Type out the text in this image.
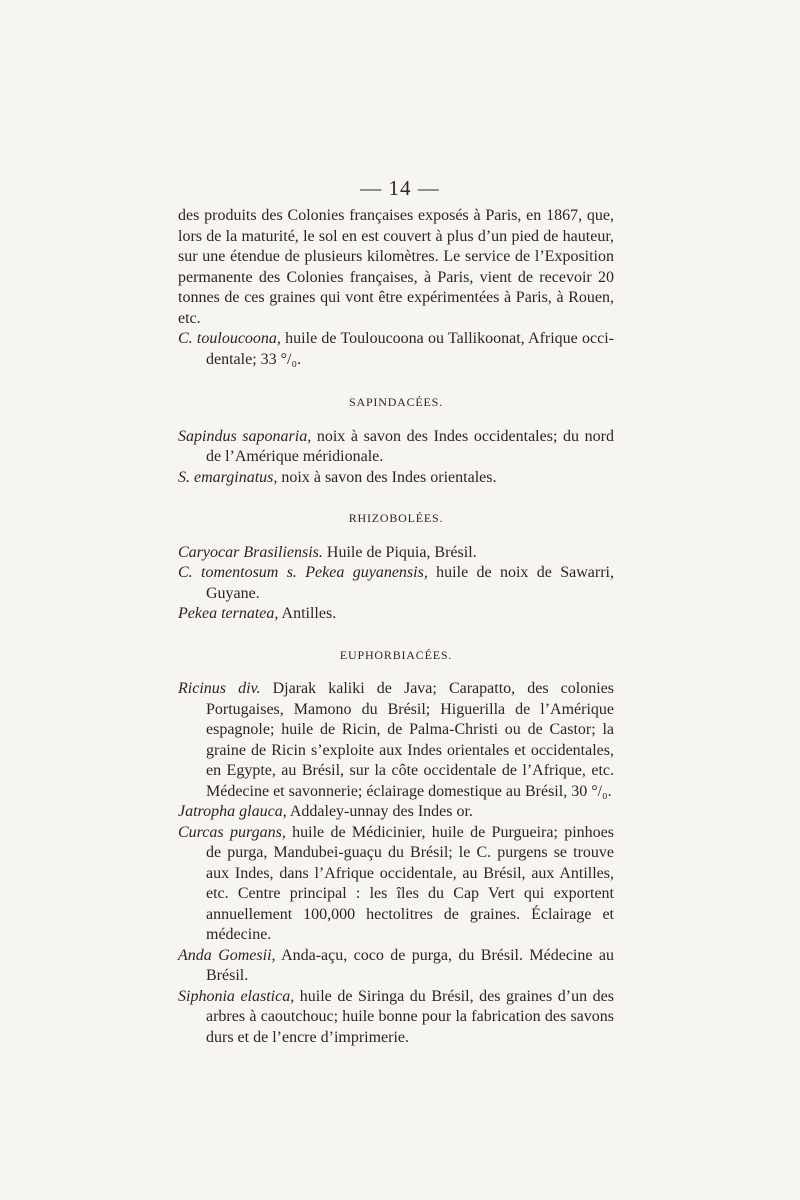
— 14 —

des produits des Colonies françaises exposés à Paris, en 1867, que, lors de la maturité, le sol en est couvert à plus d’un pied de hauteur, sur une étendue de plusieurs kilomètres. Le service de l’Exposition permanente des Colonies françaises, à Paris, vient de recevoir 20 tonnes de ces graines qui vont être expérimentées à Paris, à Rouen, etc.

C. touloucoona, huile de Touloucoona ou Tallikoonat, Afrique occi-dentale; 33 °/₀.

SAPINDACÉES.

Sapindus saponaria, noix à savon des Indes occidentales; du nord de l’Amérique méridionale.

S. emarginatus, noix à savon des Indes orientales.

RHIZOBOLÉES.

Caryocar Brasiliensis. Huile de Piquia, Brésil.

C. tomentosum s. Pekea guyanensis, huile de noix de Sawarri, Guyane.

Pekea ternatea, Antilles.

EUPHORBIACÉES.

Ricinus div. Djarak kaliki de Java; Carapatto, des colonies Portugaises, Mamono du Brésil; Higuerilla de l’Amérique espagnole; huile de Ricin, de Palma-Christi ou de Castor; la graine de Ricin s’exploite aux Indes orientales et occidentales, en Egypte, au Brésil, sur la côte occidentale de l’Afrique, etc. Médecine et savonnerie; éclairage domestique au Brésil, 30 °/₀.

Jatropha glauca, Addaley-unnay des Indes or.

Curcas purgans, huile de Médicinier, huile de Purgueira; pinhoes de purga, Mandubei-guaçu du Brésil; le C. purgens se trouve aux Indes, dans l’Afrique occidentale, au Brésil, aux Antilles, etc. Centre principal : les îles du Cap Vert qui exportent annuellement 100,000 hectolitres de graines. Éclairage et médecine.

Anda Gomesii, Anda-açu, coco de purga, du Brésil. Médecine au Brésil.

Siphonia elastica, huile de Siringa du Brésil, des graines d’un des arbres à caoutchouc; huile bonne pour la fabrication des savons durs et de l’encre d’imprimerie.
